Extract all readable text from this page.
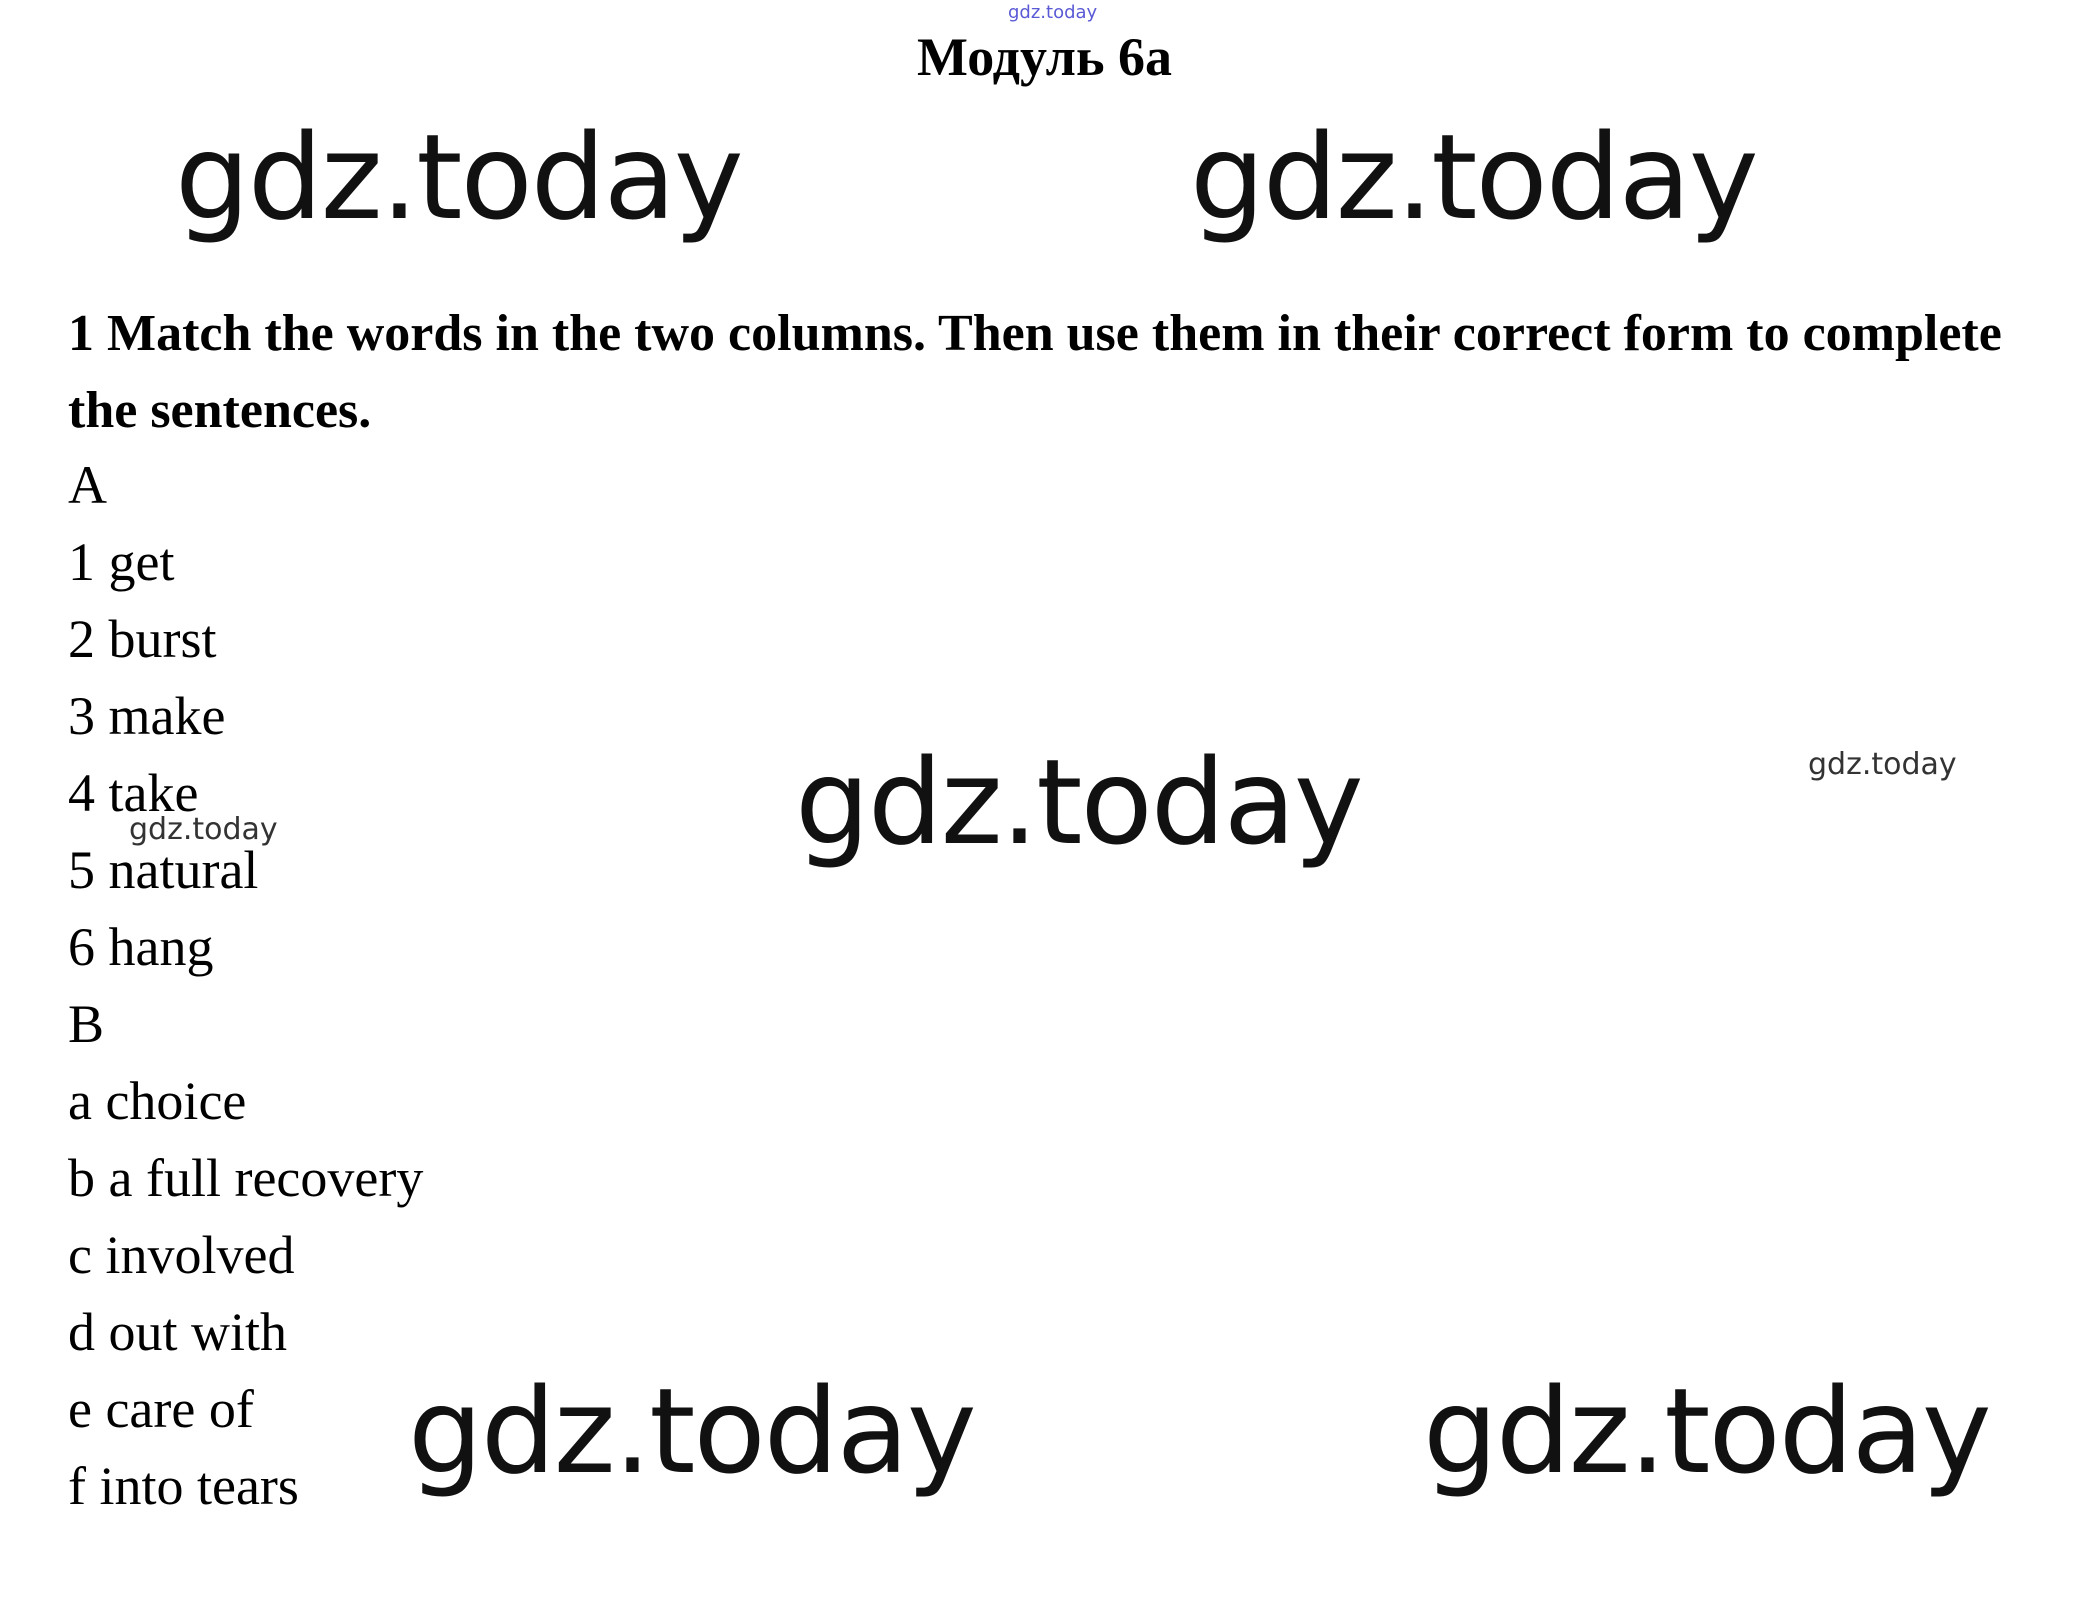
gdz.today
Модуль 6а
gdz.today	gdz.today
1 Match the words in the two columns. Then use them in their correct form to complete the sentences.
A
1 get
2 burst
3 make
4 take
5 natural
6 hang
B
a choice
b a full recovery
c involved
d out with
e care of
f into tears
gdz.today	gdz.today
gdz.today
gdz.today	gdz.today
